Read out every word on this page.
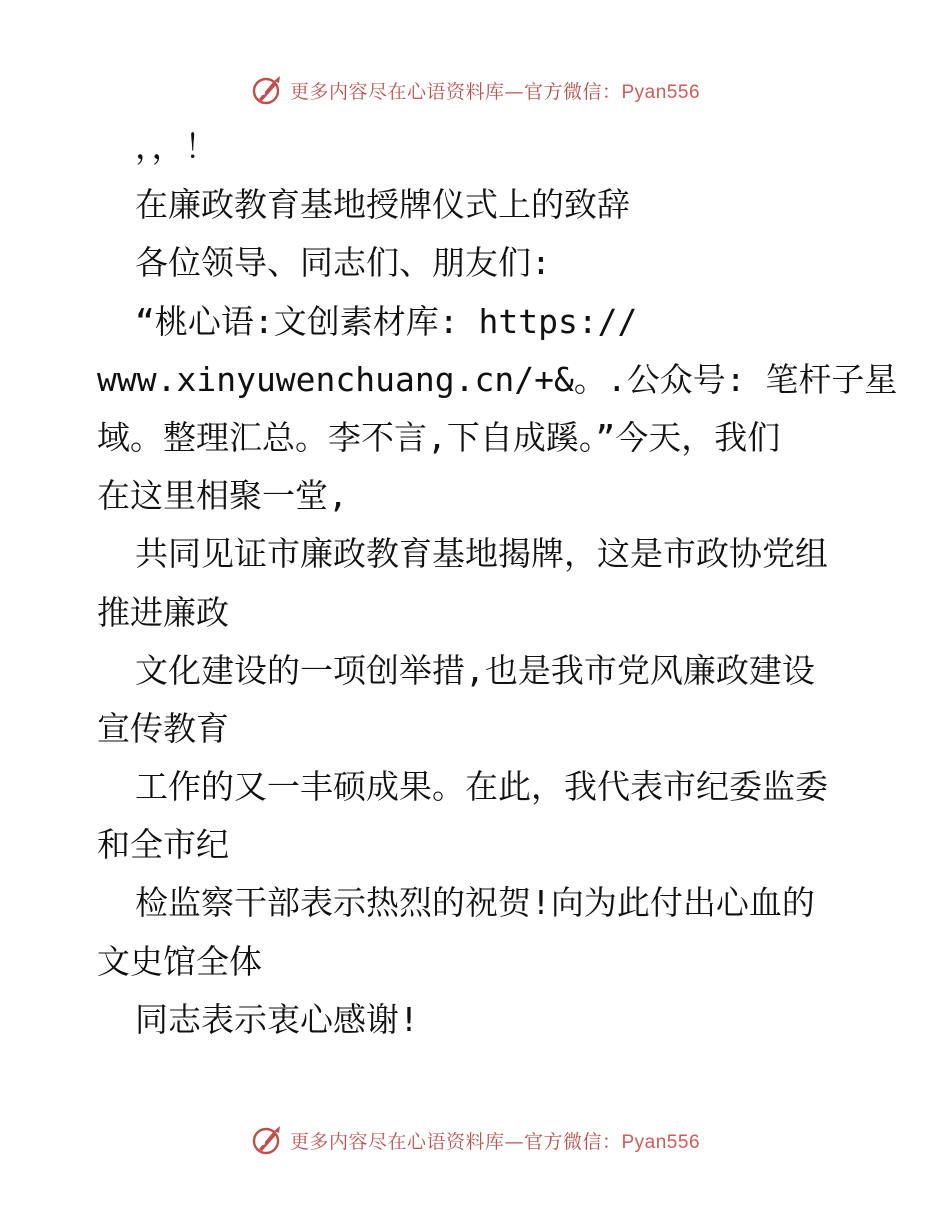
更多内容尽在心语资料库—官方微信：Pyan556
，，！
在廉政教育基地授牌仪式上的致辞
各位领导、同志们、朋友们:
“桃心语:文创素材库: https://
www.xinyuwenchuang.cn/+&。.公众号: 笔杆子星
域。整理汇总。李不言,下自成蹊。”今天，我们
在这里相聚一堂,
共同见证市廉政教育基地揭牌，这是市政协党组
推进廉政
文化建设的一项创举措,也是我市党风廉政建设
宣传教育
工作的又一丰硕成果。在此，我代表市纪委监委
和全市纪
检监察干部表示热烈的祝贺!向为此付出心血的
文史馆全体
同志表示衷心感谢!
更多内容尽在心语资料库—官方微信：Pyan556
